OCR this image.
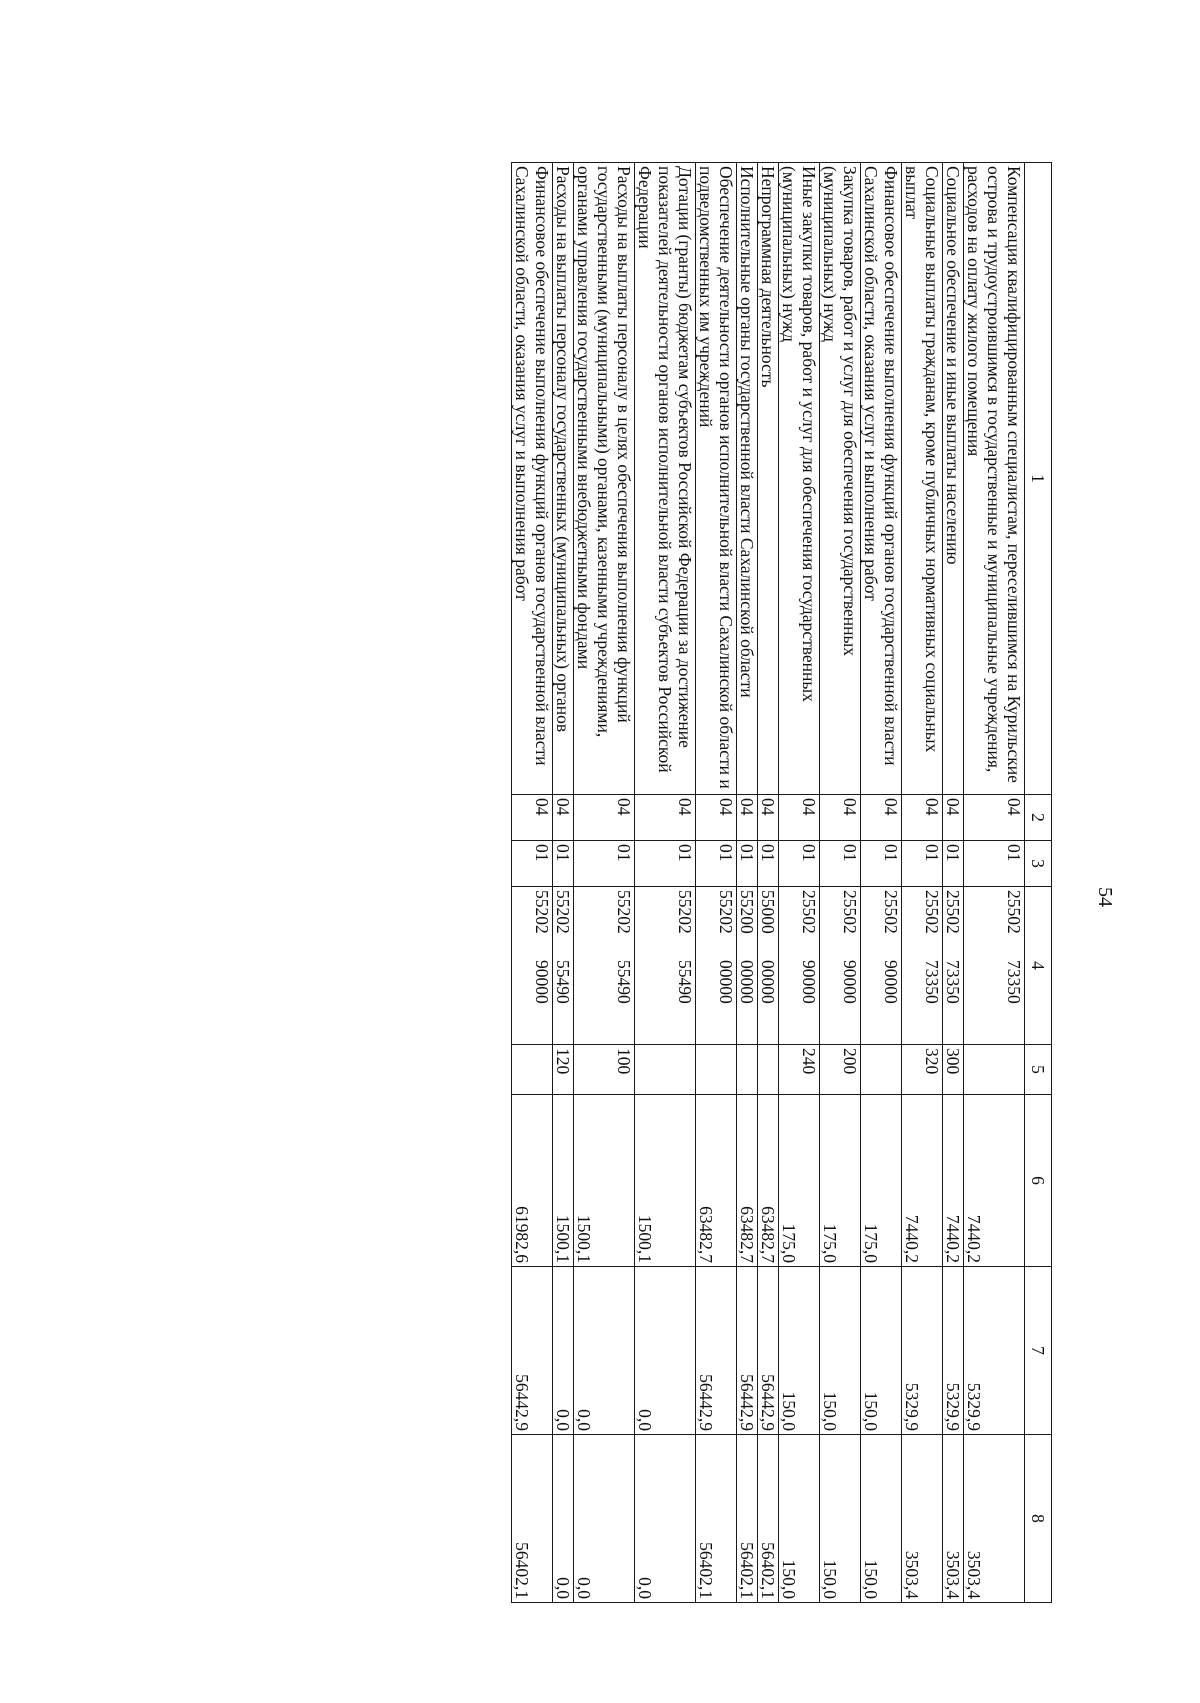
54
1	2	3	4	5	6	7	8
Компенсация квалифицированным специалистам, переселившимся на Курильские острова и трудоустроившимся в государственные и муниципальные учреждения, расходов на оплату жилого помещения	04	01	2550273350		7440,2	5329,9	3503,4
Социальное обеспечение и иные выплаты населению	04	01	2550273350	300	7440,2	5329,9	3503,4
Социальные выплаты гражданам, кроме публичных нормативных социальных выплат	04	01	2550273350	320	7440,2	5329,9	3503,4
Финансовое обеспечение выполнения функций органов государственной власти Сахалинской области, оказания услуг и выполнения работ	04	01	2550290000		175,0	150,0	150,0
Закупка товаров, работ и услуг для обеспечения государственных (муниципальных) нужд	04	01	2550290000	200	175,0	150,0	150,0
Иные закупки товаров, работ и услуг для обеспечения государственных (муниципальных) нужд	04	01	2550290000	240	175,0	150,0	150,0
Непрограммная деятельность	04	01	5500000000		63482,7	56442,9	56402,1
Исполнительные органы государственной власти Сахалинской области	04	01	5520000000		63482,7	56442,9	56402,1
Обеспечение деятельности органов исполнительной власти Сахалинской области и подведомственных им учреждений	04	01	5520200000		63482,7	56442,9	56402,1
Дотации (гранты) бюджетам субъектов Российской Федерации за достижение показателей деятельности органов исполнительной власти субъектов Российской Федерации	04	01	5520255490		1500,1	0,0	0,0
Расходы на выплаты персоналу в целях обеспечения выполнения функций государственными (муниципальными) органами, казенными учреждениями, органами управления государственными внебюджетными фондами	04	01	5520255490	100	1500,1	0,0	0,0
Расходы на выплаты персоналу государственных (муниципальных) органов	04	01	5520255490	120	1500,1	0,0	0,0
Финансовое обеспечение выполнения функций органов государственной власти Сахалинской области, оказания услуг и выполнения работ	04	01	5520290000		61982,6	56442,9	56402,1
